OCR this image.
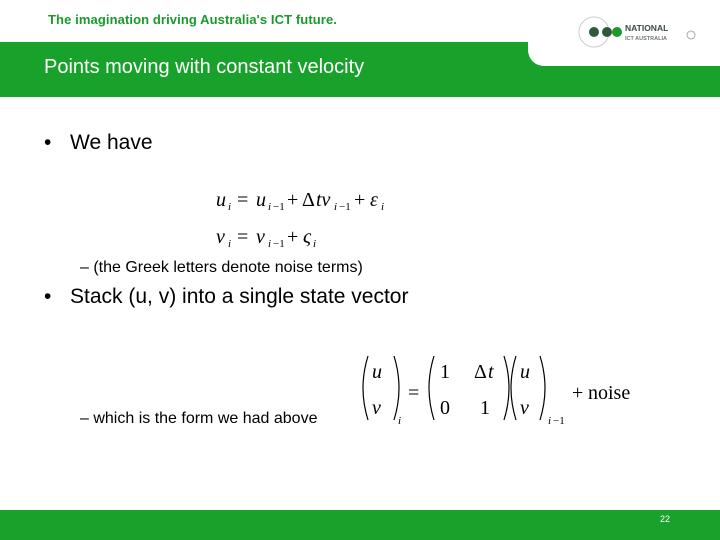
The imagination driving Australia's ICT future.
Points moving with constant velocity
NATIONAL
ICT AUSTRALIA
• We have
u i = u i −1 + Δ tv i −1 + ε i
v i = v i −1 + ς i
– (the Greek letters denote noise terms)
• Stack (u, v) into a single state vector
u
v
i
=
1 Δ t
0 1
u
v
i −1
+ noise
– which is the form we had above
22
